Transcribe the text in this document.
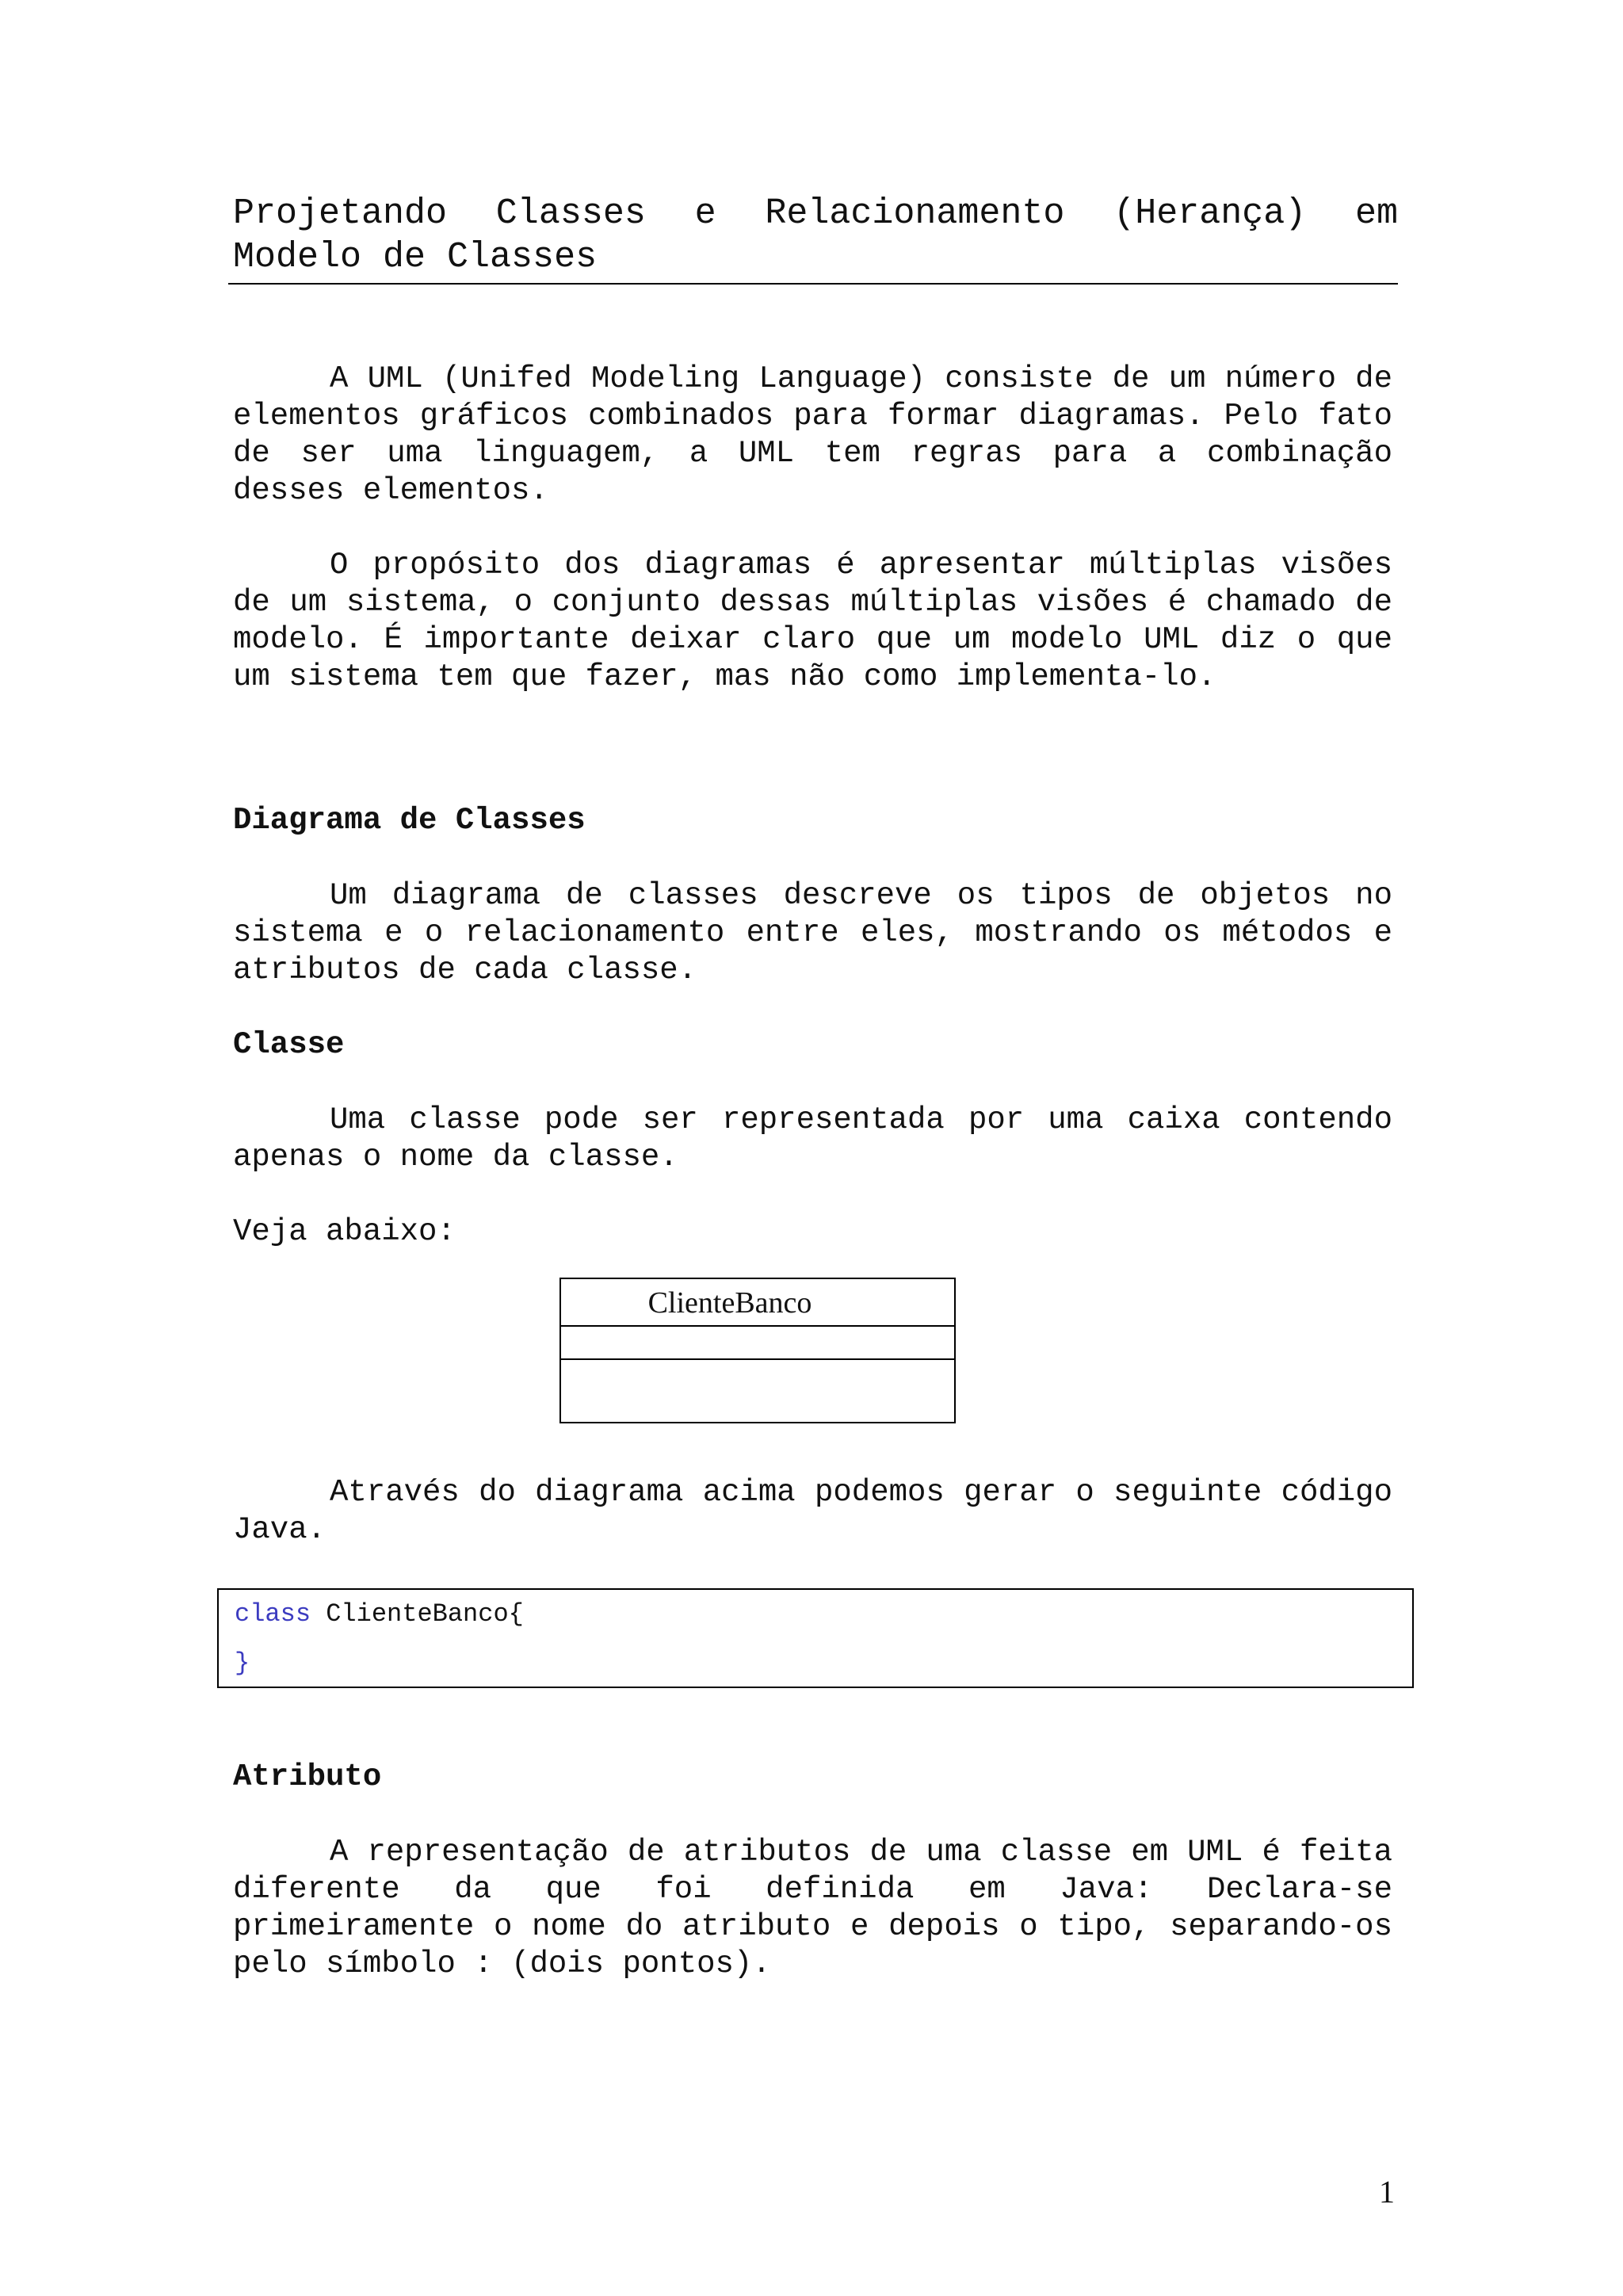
Projetando Classes e Relacionamento (Herança) em Modelo de Classes

A UML (Unifed Modeling Language) consiste de um número de elementos gráficos combinados para formar diagramas. Pelo fato de ser uma linguagem, a UML tem regras para a combinação desses elementos.

O propósito dos diagramas é apresentar múltiplas visões de um sistema, o conjunto dessas múltiplas visões é chamado de modelo. É importante deixar claro que um modelo UML diz o que um sistema tem que fazer, mas não como implementa-lo.

Diagrama de Classes

Um diagrama de classes descreve os tipos de objetos no sistema e o relacionamento entre eles, mostrando os métodos e atributos de cada classe.

Classe

Uma classe pode ser representada por uma caixa contendo apenas o nome da classe.

Veja abaixo:

ClienteBanco

Através do diagrama acima podemos gerar o seguinte código Java.

class ClienteBanco{
}
Atributo

A representação de atributos de uma classe em UML é feita diferente da que foi definida em Java: Declara-se primeiramente o nome do atributo e depois o tipo, separando-os pelo símbolo : (dois pontos).

1
